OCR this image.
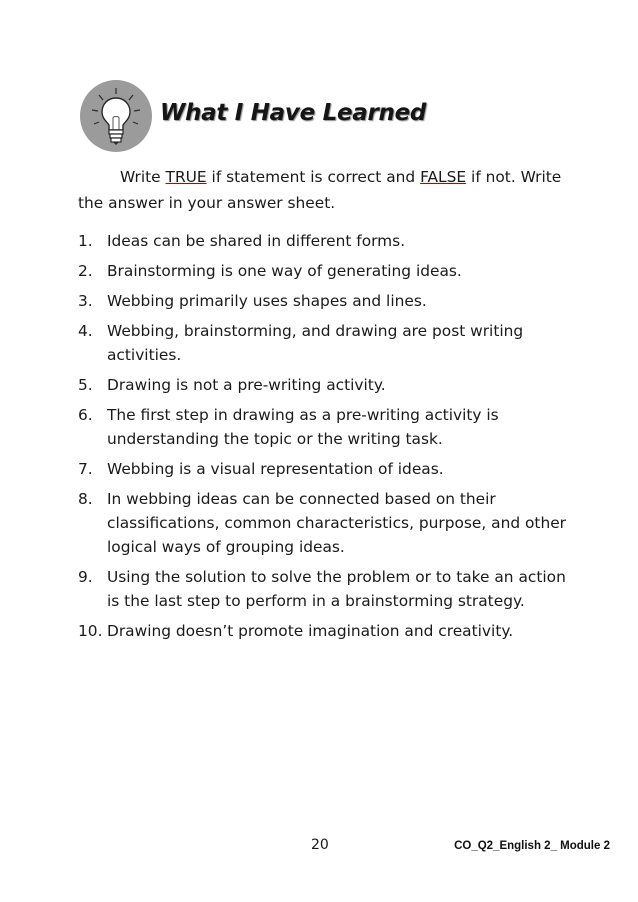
What I Have Learned
Write TRUE if statement is correct and FALSE if not. Write the answer in your answer sheet.
1. Ideas can be shared in different forms.
2. Brainstorming is one way of generating ideas.
3. Webbing primarily uses shapes and lines.
4. Webbing, brainstorming, and drawing are post writing activities.
5. Drawing is not a pre-writing activity.
6. The first step in drawing as a pre-writing activity is understanding the topic or the writing task.
7. Webbing is a visual representation of ideas.
8. In webbing ideas can be connected based on their classifications, common characteristics, purpose, and other logical ways of grouping ideas.
9. Using the solution to solve the problem or to take an action is the last step to perform in a brainstorming strategy.
10. Drawing doesn’t promote imagination and creativity.
20	CO_Q2_English 2_ Module 2
